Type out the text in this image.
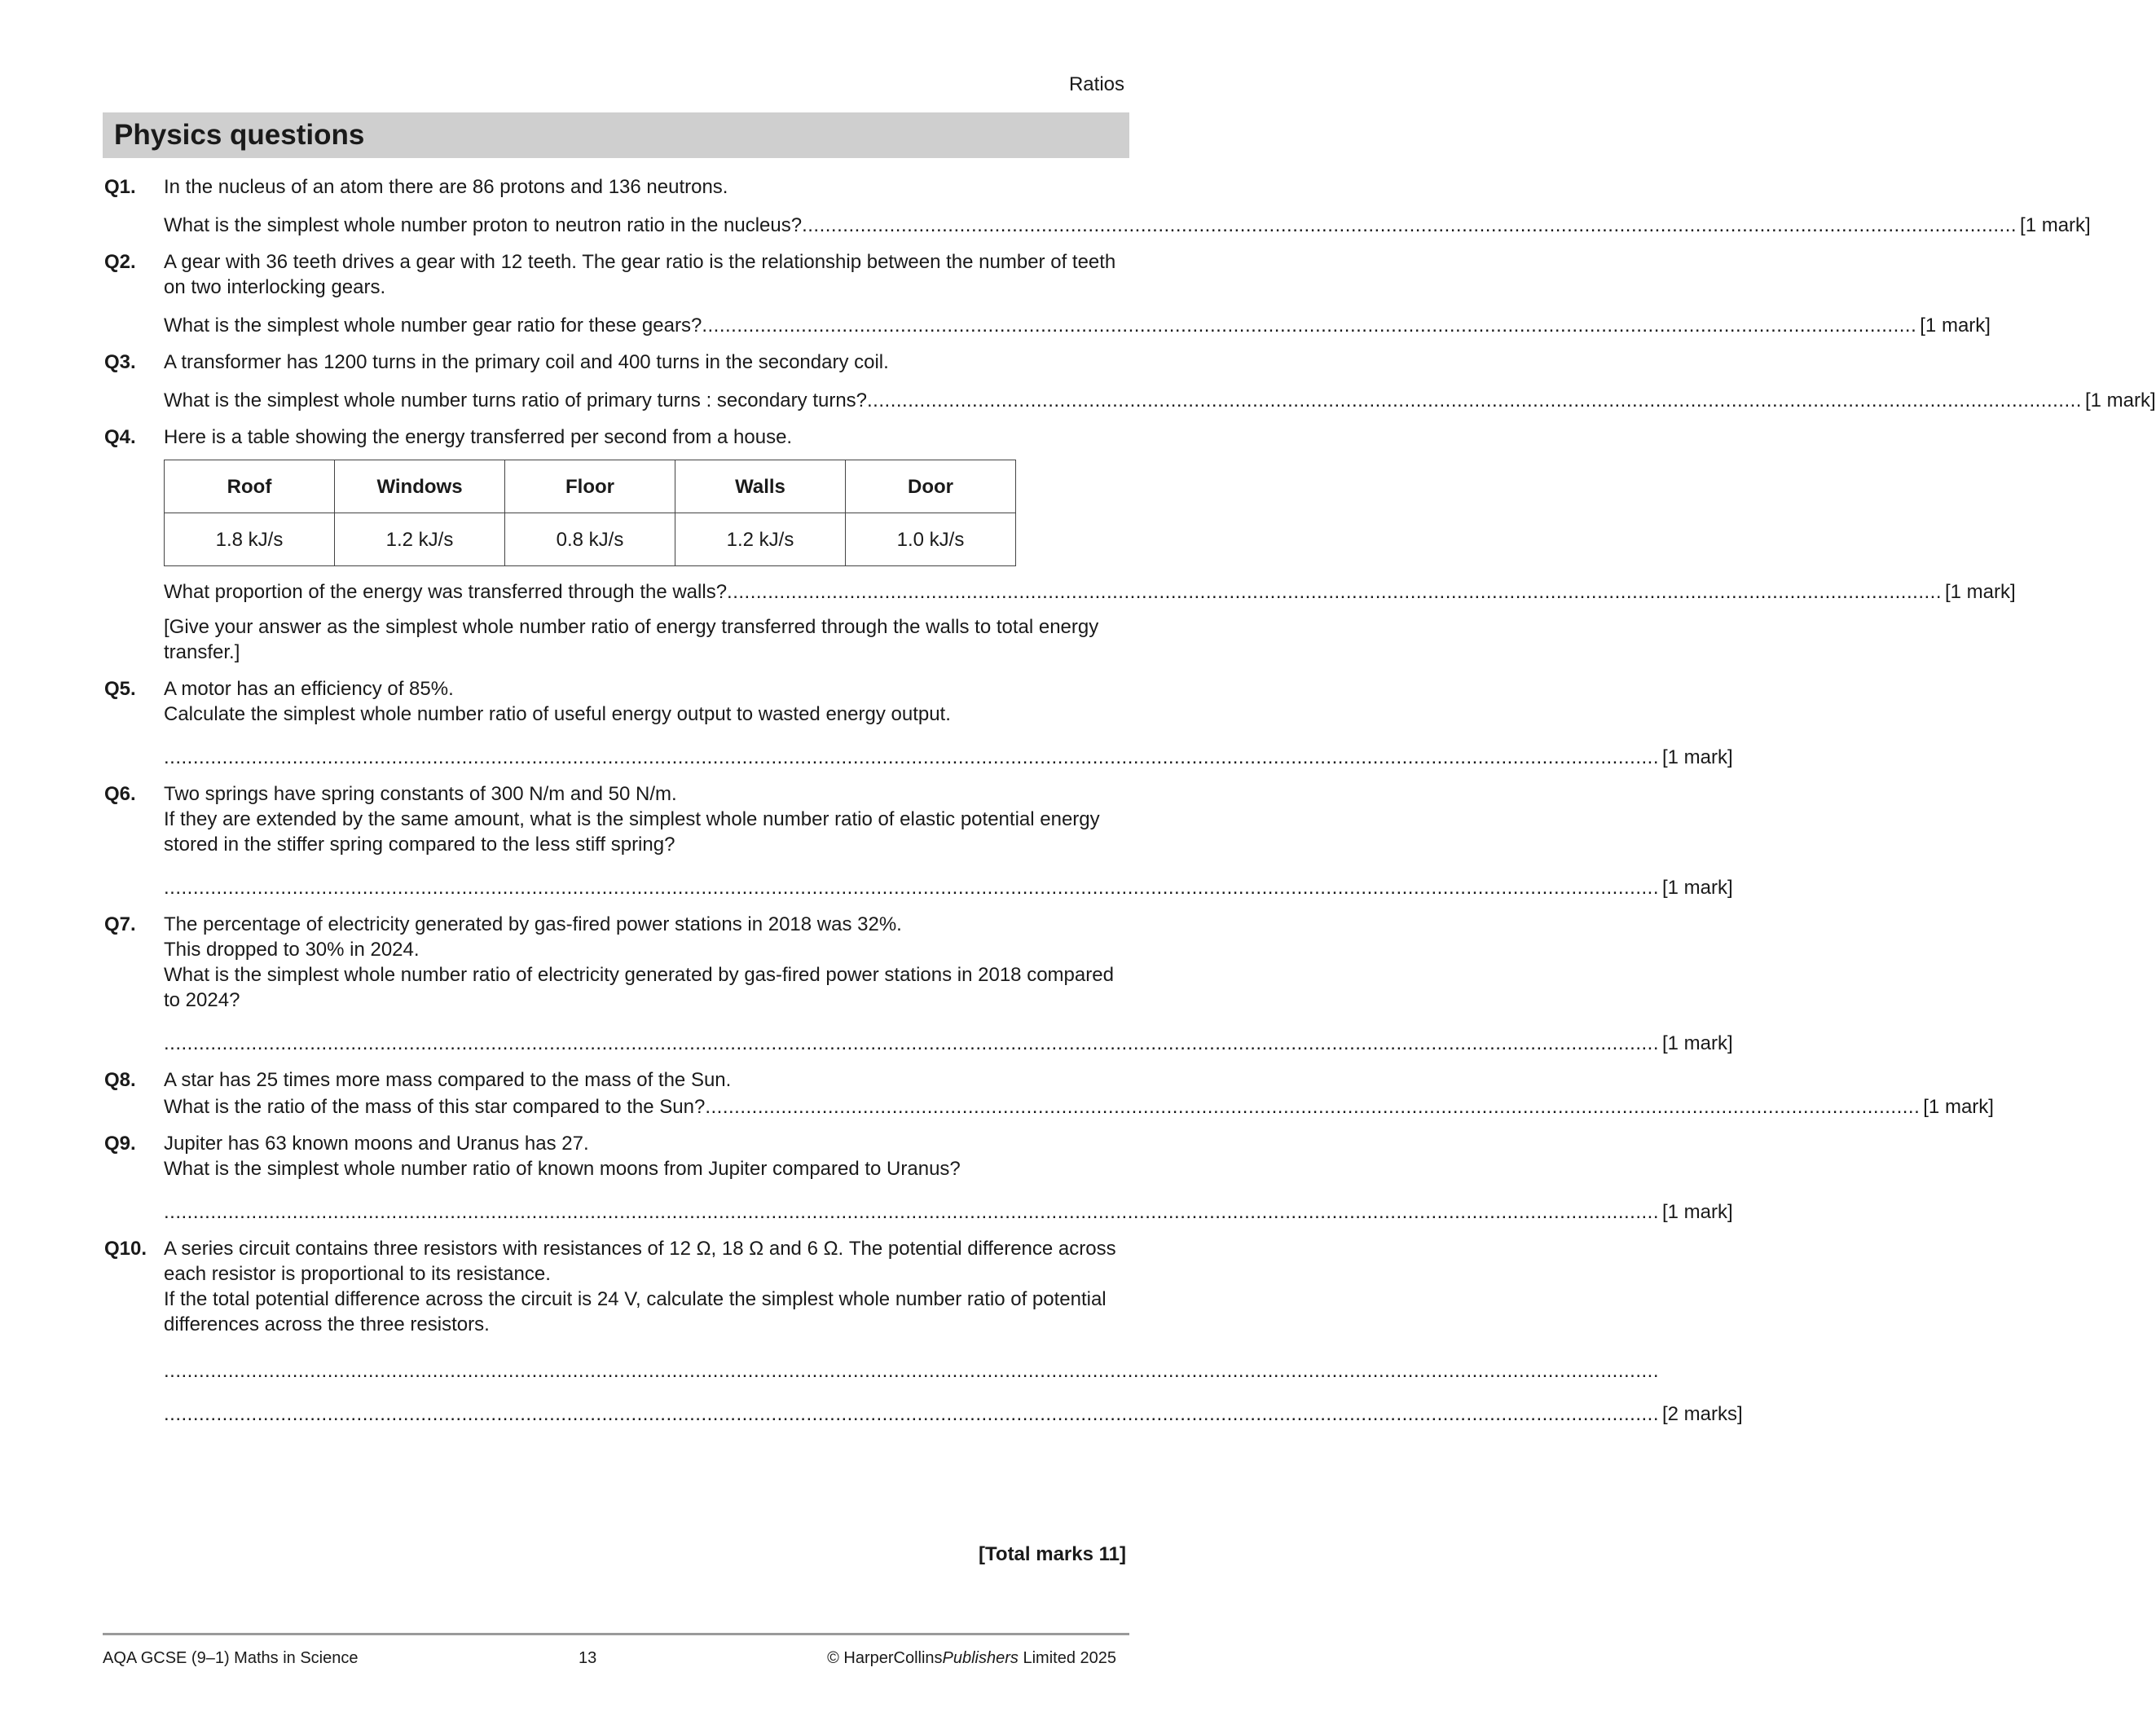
Ratios
Physics questions
Q1. In the nucleus of an atom there are 86 protons and 136 neutrons.

What is the simplest whole number proton to neutron ratio in the nucleus? ................................................................................................................................................................................................................ [1 mark]
Q2. A gear with 36 teeth drives a gear with 12 teeth. The gear ratio is the relationship between the number of teeth on two interlocking gears.

What is the simplest whole number gear ratio for these gears? ................................................................................................................................................................................................................ [1 mark]
Q3. A transformer has 1200 turns in the primary coil and 400 turns in the secondary coil.

What is the simplest whole number turns ratio of primary turns : secondary turns? ................................................................................................................................................................................................................ [1 mark]
Q4. Here is a table showing the energy transferred per second from a house.

Roof	Windows	Floor	Walls	Door
1.8 kJ/s	1.2 kJ/s	0.8 kJ/s	1.2 kJ/s	1.0 kJ/s
What proportion of the energy was transferred through the walls? ................................................................................................................................................................................................................ [1 mark]

[Give your answer as the simplest whole number ratio of energy transferred through the walls to total energy transfer.]

Q5. A motor has an efficiency of 85%.

Calculate the simplest whole number ratio of useful energy output to wasted energy output.

................................................................................................................................................................................................................................................................ [1 mark]
Q6. Two springs have spring constants of 300 N/m and 50 N/m.

If they are extended by the same amount, what is the simplest whole number ratio of elastic potential energy stored in the stiffer spring compared to the less stiff spring?

................................................................................................................................................................................................................................................................ [1 mark]
Q7. The percentage of electricity generated by gas-fired power stations in 2018 was 32%.

This dropped to 30% in 2024.

What is the simplest whole number ratio of electricity generated by gas-fired power stations in 2018 compared to 2024?

................................................................................................................................................................................................................................................................ [1 mark]
Q8. A star has 25 times more mass compared to the mass of the Sun.

What is the ratio of the mass of this star compared to the Sun? ................................................................................................................................................................................................................ [1 mark]
Q9. Jupiter has 63 known moons and Uranus has 27.

What is the simplest whole number ratio of known moons from Jupiter compared to Uranus?

................................................................................................................................................................................................................................................................ [1 mark]
Q10. A series circuit contains three resistors with resistances of 12 Ω, 18 Ω and 6 Ω. The potential difference across each resistor is proportional to its resistance.

If the total potential difference across the circuit is 24 V, calculate the simplest whole number ratio of potential differences across the three resistors.

................................................................................................................................................................................................................................................................
................................................................................................................................................................................................................................................................ [2 marks]
[Total marks 11]
AQA GCSE (9–1) Maths in Science	13	© HarperCollinsPublishers Limited 2025
